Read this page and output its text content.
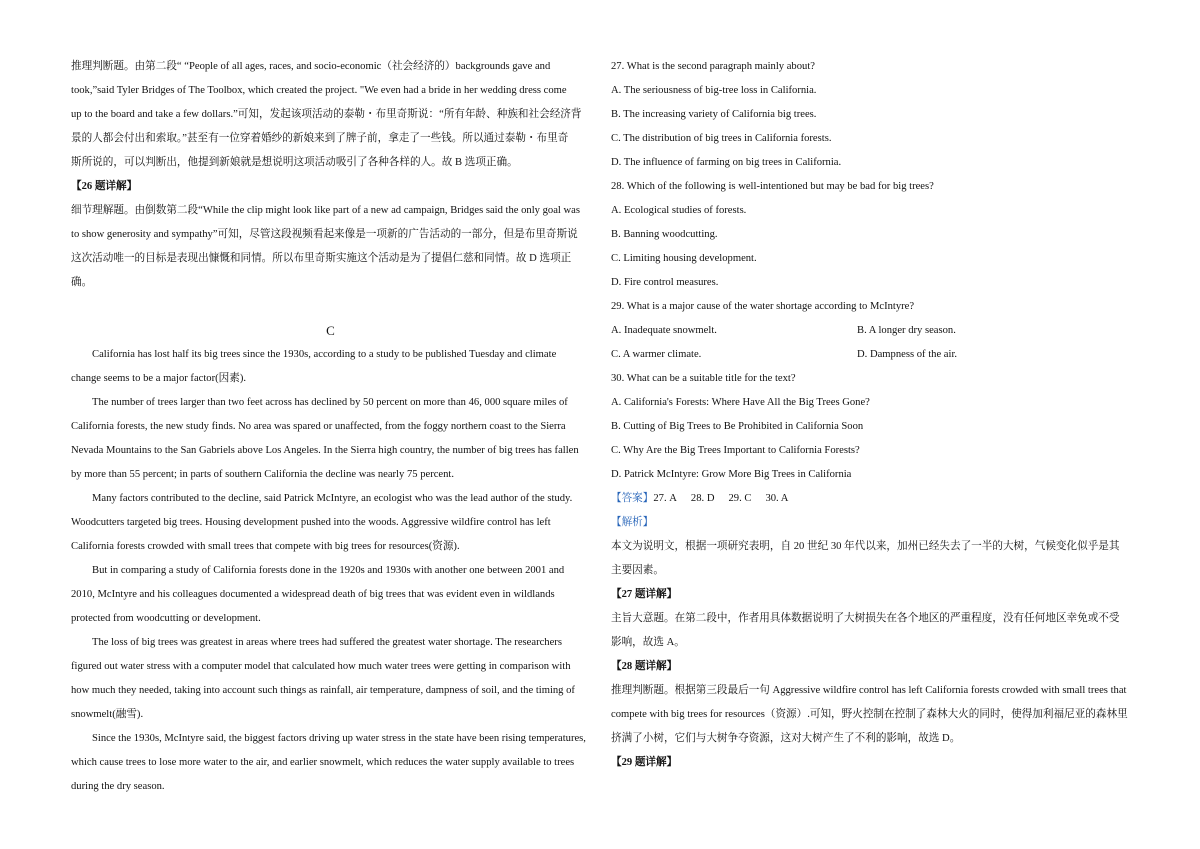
推理判断题。由第二段“ “People of all ages, races, and socio-economic（社会经济的）backgrounds gave and
took,”said Tyler Bridges of The Toolbox, which created the project. "We even had a bride in her wedding dress come
up to the board and take a few dollars.”可知，发起该项活动的泰勒・布里奇斯说：“所有年龄、种族和社会经济背
景的人都会付出和索取。”甚至有一位穿着婚纱的新娘来到了牌子前，拿走了一些钱。所以通过泰勒・布里奇
斯所说的，可以判断出，他提到新娘就是想说明这项活动吸引了各种各样的人。故 B 选项正确。
【26 题详解】
细节理解题。由倒数第二段“While the clip might look like part of a new ad campaign, Bridges said the only goal was
to show generosity and sympathy”可知，尽管这段视频看起来像是一项新的广告活动的一部分，但是布里奇斯说
这次活动唯一的目标是表现出慷慨和同情。所以布里奇斯实施这个活动是为了提倡仁慈和同情。故 D 选项正
确。
C
California has lost half its big trees since the 1930s, according to a study to be published Tuesday and climate
change seems to be a major factor(因素).
The number of trees larger than two feet across has declined by 50 percent on more than 46, 000 square miles of
California forests, the new study finds. No area was spared or unaffected, from the foggy northern coast to the Sierra
Nevada Mountains to the San Gabriels above Los Angeles. In the Sierra high country, the number of big trees has fallen
by more than 55 percent; in parts of southern California the decline was nearly 75 percent.
Many factors contributed to the decline, said Patrick McIntyre, an ecologist who was the lead author of the study.
Woodcutters targeted big trees. Housing development pushed into the woods. Aggressive wildfire control has left
California forests crowded with small trees that compete with big trees for resources(资源).
But in comparing a study of California forests done in the 1920s and 1930s with another one between 2001 and
2010, McIntyre and his colleagues documented a widespread death of big trees that was evident even in wildlands
protected from woodcutting or development.
The loss of big trees was greatest in areas where trees had suffered the greatest water shortage. The researchers
figured out water stress with a computer model that calculated how much water trees were getting in comparison with
how much they needed, taking into account such things as rainfall, air temperature, dampness of soil, and the timing of
snowmelt(融雪).
Since the 1930s, McIntyre said, the biggest factors driving up water stress in the state have been rising temperatures,
which cause trees to lose more water to the air, and earlier snowmelt, which reduces the water supply available to trees
during the dry season.
27. What is the second paragraph mainly about?
A. The seriousness of big-tree loss in California.
B. The increasing variety of California big trees.
C. The distribution of big trees in California forests.
D. The influence of farming on big trees in California.
28. Which of the following is well-intentioned but may be bad for big trees?
A. Ecological studies of forests.
B. Banning woodcutting.
C. Limiting housing development.
D. Fire control measures.
29. What is a major cause of the water shortage according to McIntyre?
A. Inadequate snowmelt.	B. A longer dry season.
C. A warmer climate.	D. Dampness of the air.
30. What can be a suitable title for the text?
A. California's Forests: Where Have All the Big Trees Gone?
B. Cutting of Big Trees to Be Prohibited in California Soon
C. Why Are the Big Trees Important to California Forests?
D. Patrick McIntyre: Grow More Big Trees in California
【答案】27. A 28. D 29. C 30. A
【解析】
本文为说明文，根据一项研究表明，自 20 世纪 30 年代以来，加州已经失去了一半的大树，气候变化似乎是其
主要因素。
【27 题详解】
主旨大意题。在第二段中，作者用具体数据说明了大树损失在各个地区的严重程度，没有任何地区幸免或不受
影响，故选 A。
【28 题详解】
推理判断题。根据第三段最后一句 Aggressive wildfire control has left California forests crowded with small trees that
compete with big trees for resources（资源）.可知，野火控制在控制了森林大火的同时，使得加利福尼亚的森林里
挤满了小树，它们与大树争夺资源，这对大树产生了不利的影响，故选 D。
【29 题详解】
